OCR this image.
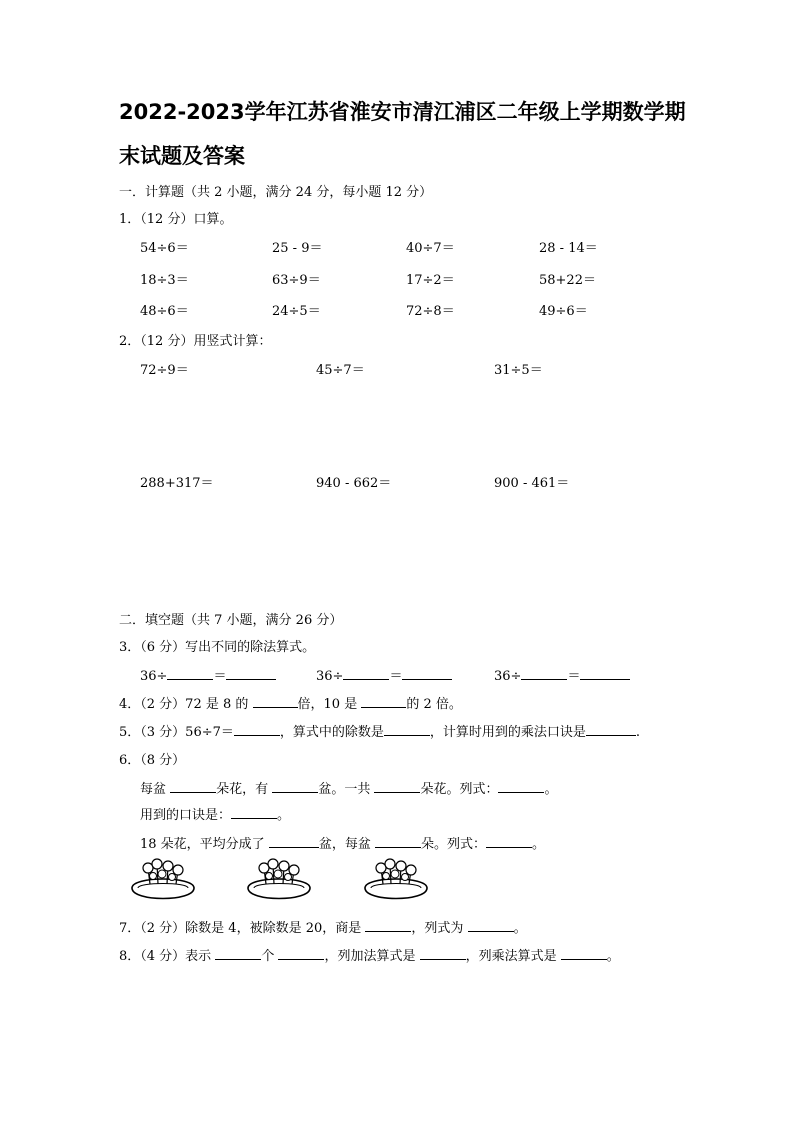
2022-2023学年江苏省淮安市清江浦区二年级上学期数学期
末试题及答案
一．计算题（共 2 小题，满分 24 分，每小题 12 分）
1．（12 分）口算。
54÷6＝	25 - 9＝	40÷7＝	28 - 14＝
18÷3＝	63÷9＝	17÷2＝	58+22＝
48÷6＝	24÷5＝	72÷8＝	49÷6＝
2．（12 分）用竖式计算：
72÷9＝	45÷7＝	31÷5＝
288+317＝	940 - 662＝	900 - 461＝
二．填空题（共 7 小题，满分 26 分）
3．（6 分）写出不同的除法算式。
36÷	＝	36÷	＝	36÷	＝
4．（2 分）72 是 8 的	倍，10 是	的 2 倍。
5．（3 分）56÷7＝	，算式中的除数是	，计算时用到的乘法口诀是	.
6．（8 分）
每盆	朵花，有	盆。一共	朵花。列式：	。
用到的口诀是：	。
18 朵花，平均分成了	盆，每盆	朵。列式：	。
7．（2 分）除数是 4，被除数是 20，商是	，列式为	。
8．（4 分）表示	个	，列加法算式是	，列乘法算式是	。
